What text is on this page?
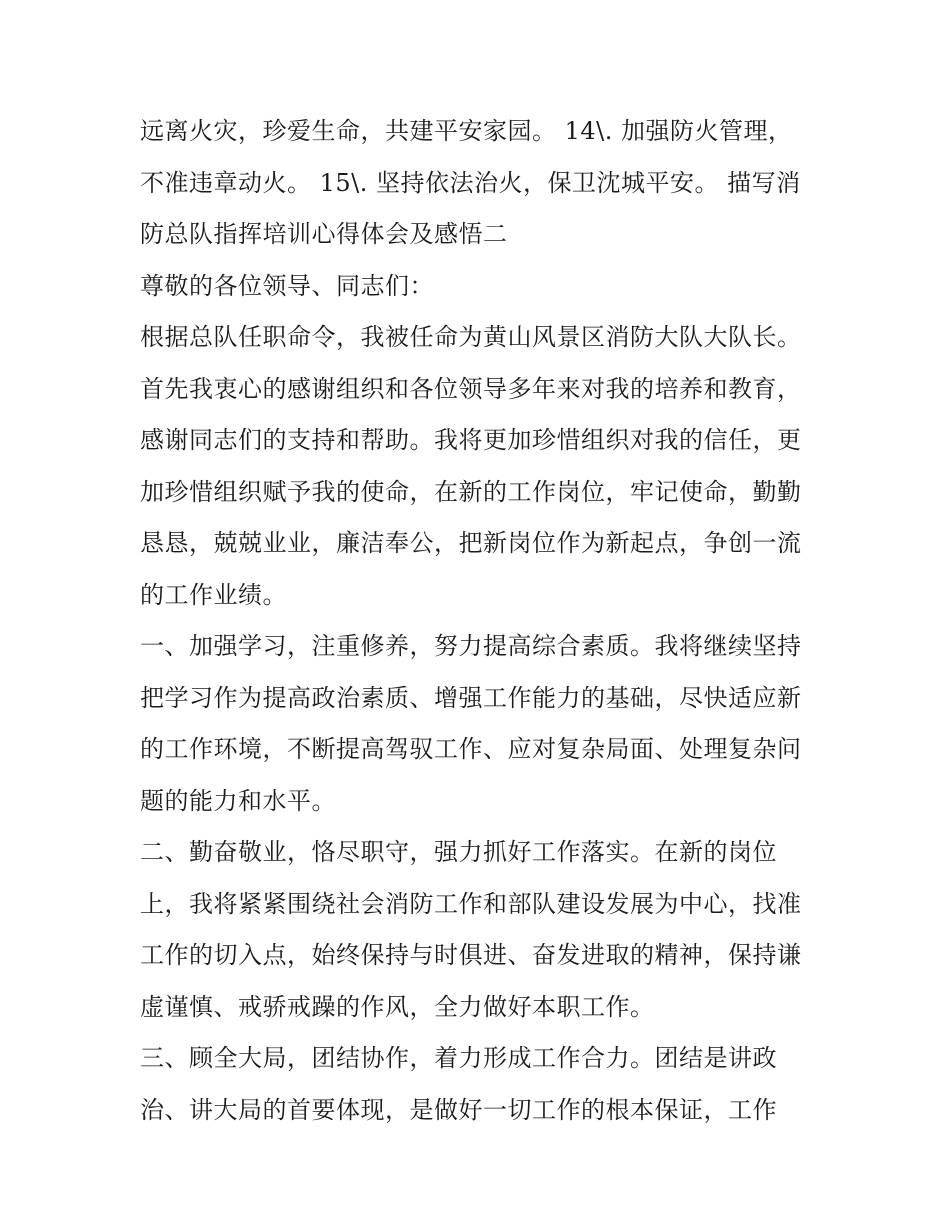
远离火灾，珍爱生命，共建平安家园。 14\. 加强防火管理，
不准违章动火。 15\. 坚持依法治火，保卫沈城平安。 描写消
防总队指挥培训心得体会及感悟二
尊敬的各位领导、同志们：
根据总队任职命令，我被任命为黄山风景区消防大队大队长。
首先我衷心的感谢组织和各位领导多年来对我的培养和教育，
感谢同志们的支持和帮助。我将更加珍惜组织对我的信任，更
加珍惜组织赋予我的使命，在新的工作岗位，牢记使命，勤勤
恳恳，兢兢业业，廉洁奉公，把新岗位作为新起点，争创一流
的工作业绩。
一、加强学习，注重修养，努力提高综合素质。我将继续坚持
把学习作为提高政治素质、增强工作能力的基础，尽快适应新
的工作环境，不断提高驾驭工作、应对复杂局面、处理复杂问
题的能力和水平。
二、勤奋敬业，恪尽职守，强力抓好工作落实。在新的岗位
上，我将紧紧围绕社会消防工作和部队建设发展为中心，找准
工作的切入点，始终保持与时俱进、奋发进取的精神，保持谦
虚谨慎、戒骄戒躁的作风，全力做好本职工作。
三、顾全大局，团结协作，着力形成工作合力。团结是讲政
治、讲大局的首要体现，是做好一切工作的根本保证，工作
